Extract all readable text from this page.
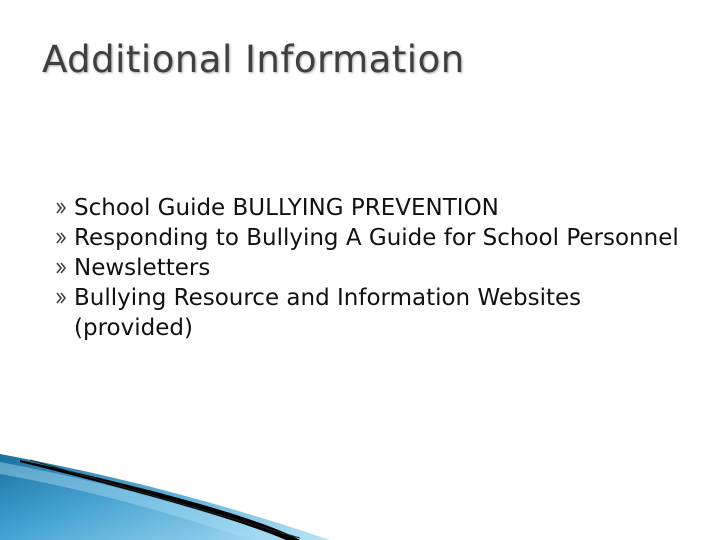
Additional Information
School Guide BULLYING PREVENTION
Responding to Bullying A Guide for School Personnel
Newsletters
Bullying Resource and Information Websites (provided)
